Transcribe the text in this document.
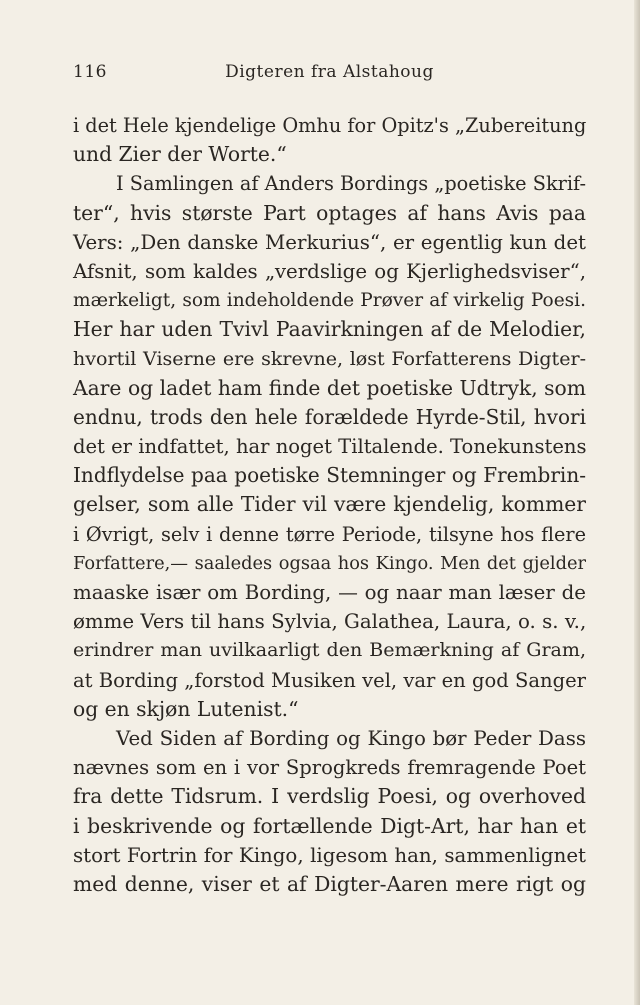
116	Digteren fra Alstahoug
i det Hele kjendelige Omhu for Opitz's „Zubereitung
und Zier der Worte.“
I Samlingen af Anders Bordings „poetiske Skrif-
ter“, hvis største Part optages af hans Avis paa
Vers: „Den danske Merkurius“, er egentlig kun det
Afsnit, som kaldes „verdslige og Kjerlighedsviser“,
mærkeligt, som indeholdende Prøver af virkelig Poesi.
Her har uden Tvivl Paavirkningen af de Melodier,
hvortil Viserne ere skrevne, løst Forfatterens Digter-
Aare og ladet ham finde det poetiske Udtryk, som
endnu, trods den hele forældede Hyrde-Stil, hvori
det er indfattet, har noget Tiltalende. Tonekunstens
Indflydelse paa poetiske Stemninger og Frembrin-
gelser, som alle Tider vil være kjendelig, kommer
i Øvrigt, selv i denne tørre Periode, tilsyne hos flere
Forfattere,— saaledes ogsaa hos Kingo. Men det gjelder
maaske især om Bording, — og naar man læser de
ømme Vers til hans Sylvia, Galathea, Laura, o. s. v.,
erindrer man uvilkaarligt den Bemærkning af Gram,
at Bording „forstod Musiken vel, var en god Sanger
og en skjøn Lutenist.“
Ved Siden af Bording og Kingo bør Peder Dass
nævnes som en i vor Sprogkreds fremragende Poet
fra dette Tidsrum. I verdslig Poesi, og overhoved
i beskrivende og fortællende Digt-Art, har han et
stort Fortrin for Kingo, ligesom han, sammenlignet
med denne, viser et af Digter-Aaren mere rigt og
